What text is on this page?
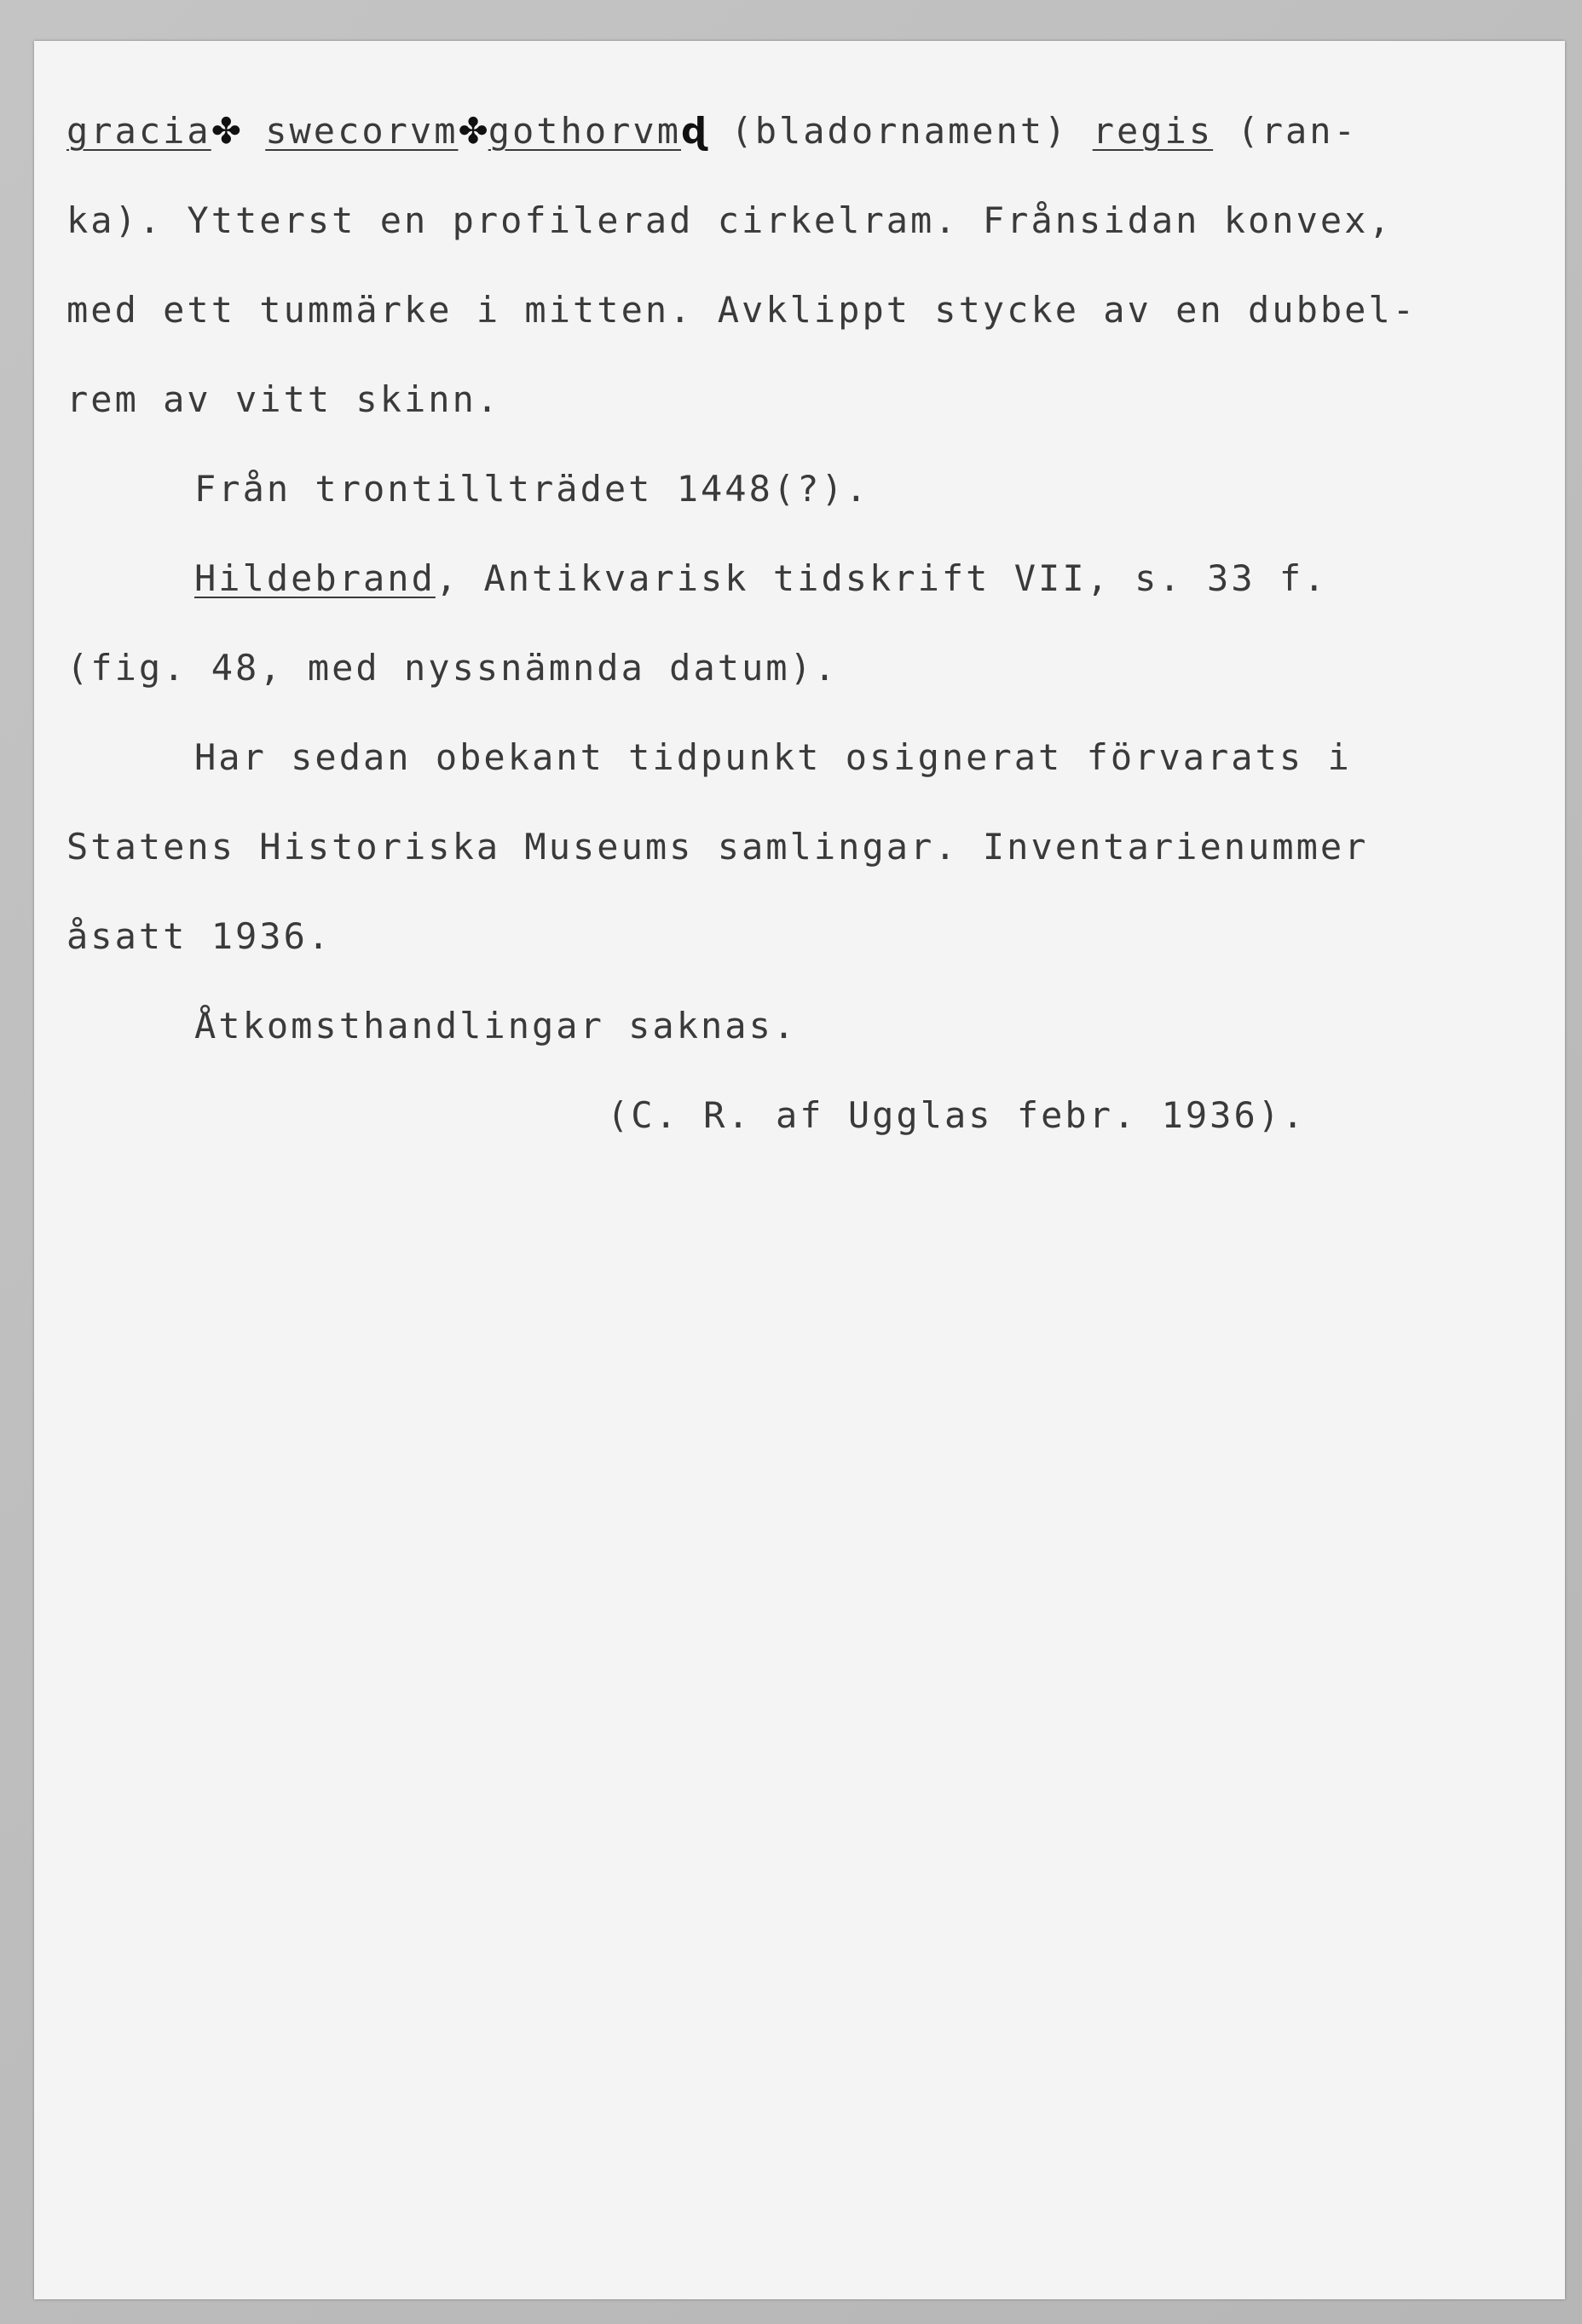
gracia✤ swecorvm✤gothorvmɖ (bladornament) regis (ran-
ka). Ytterst en profilerad cirkelram. Frånsidan konvex,
med ett tummärke i mitten. Avklippt stycke av en dubbel-
rem av vitt skinn.
Från trontillträdet 1448(?).
Hildebrand, Antikvarisk tidskrift VII, s. 33 f.
(fig. 48, med nyssnämnda datum).
Har sedan obekant tidpunkt osignerat förvarats i
Statens Historiska Museums samlingar. Inventarienummer
åsatt 1936.
Åtkomsthandlingar saknas.
(C. R. af Ugglas febr. 1936).
